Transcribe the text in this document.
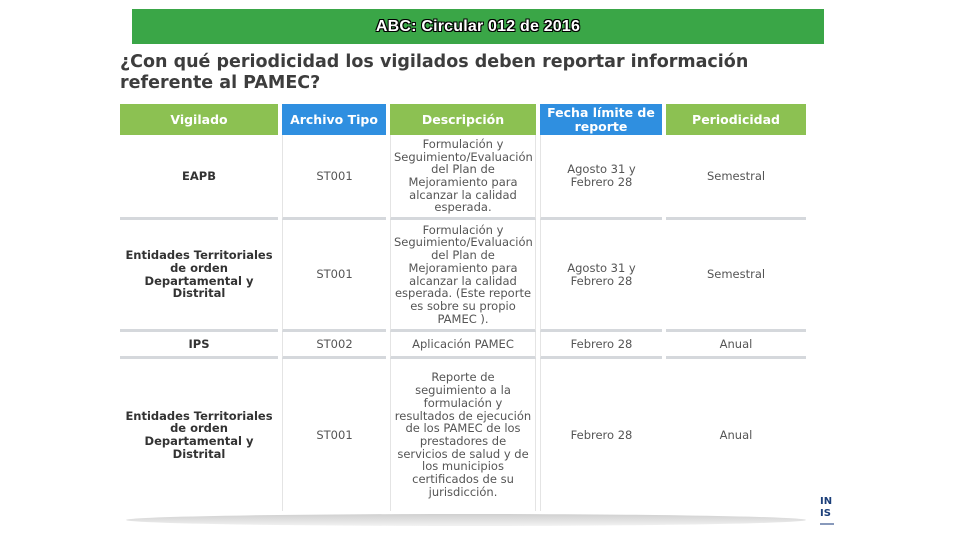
ABC: Circular 012 de 2016
¿Con qué periodicidad los vigilados deben reportar información
referente al PAMEC?
Vigilado	Archivo Tipo	Descripción	Fecha límite de reporte	Periodicidad
EAPB	ST001	Formulación y Seguimiento/Evaluación del Plan de Mejoramiento para alcanzar la calidad esperada.	Agosto 31 y Febrero 28	Semestral
Entidades Territoriales de orden Departamental y Distrital	ST001	Formulación y Seguimiento/Evaluación del Plan de Mejoramiento para alcanzar la calidad esperada. (Este reporte es sobre su propio PAMEC ).	Agosto 31 y Febrero 28	Semestral
IPS	ST002	Aplicación PAMEC	Febrero 28	Anual
Entidades Territoriales de orden Departamental y Distrital	ST001	Reporte de seguimiento a la formulación y resultados de ejecución de los PAMEC de los prestadores de servicios de salud y de los municipios certificados de su jurisdicción.	Febrero 28	Anual
IN
IS
